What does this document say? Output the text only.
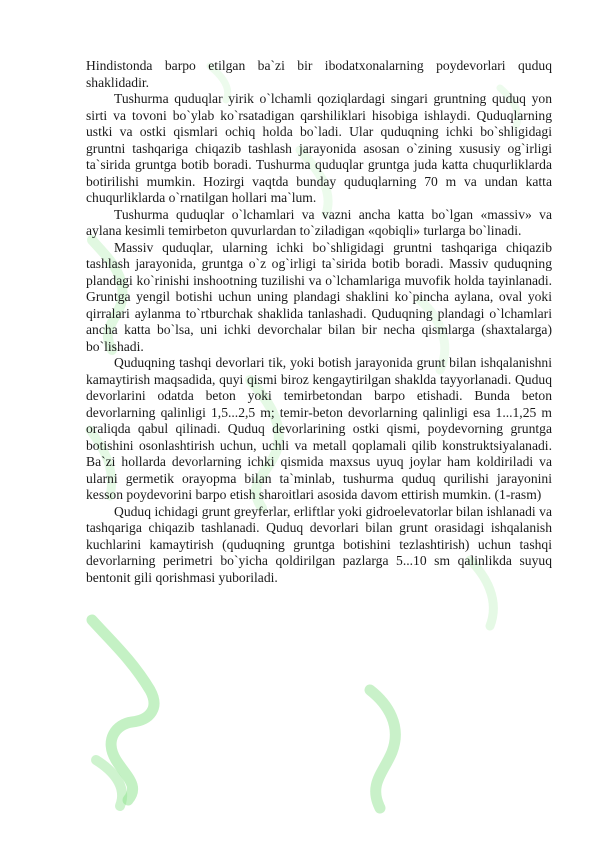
Hindistonda barpo etilgan ba`zi bir ibodatxonalarning poydevorlari quduq shaklidadir.

Tushurma quduqlar yirik o`lchamli qoziqlardagi singari gruntning quduq yon sirti va tovoni bo`ylab ko`rsatadigan qarshiliklari hisobiga ishlaydi. Quduqlarning ustki va ostki qismlari ochiq holda bo`ladi. Ular quduqning ichki bo`shligidagi gruntni tashqariga chiqazib tashlash jarayonida asosan o`zining xususiy og`irligi ta`sirida gruntga botib boradi. Tushurma quduqlar gruntga juda katta chuqurliklarda botirilishi mumkin. Hozirgi vaqtda bunday quduqlarning 70 m va undan katta chuqurliklarda o`rnatilgan hollari ma`lum.

Tushurma quduqlar o`lchamlari va vazni ancha katta bo`lgan «massiv» va aylana kesimli temirbeton quvurlardan to`ziladigan «qobiqli» turlarga bo`linadi.

Massiv quduqlar, ularning ichki bo`shligidagi gruntni tashqariga chiqazib tashlash jarayonida, gruntga o`z og`irligi ta`sirida botib boradi. Massiv quduqning plandagi ko`rinishi inshootning tuzilishi va o`lchamlariga muvofik holda tayinlanadi. Gruntga yengil botishi uchun uning plandagi shaklini ko`pincha aylana, oval yoki qirralari aylanma to`rtburchak shaklida tanlashadi. Quduqning plandagi o`lchamlari ancha katta bo`lsa, uni ichki devorchalar bilan bir necha qismlarga (shaxtalarga) bo`lishadi.

Quduqning tashqi devorlari tik, yoki botish jarayonida grunt bilan ishqalanishni kamaytirish maqsadida, quyi qismi biroz kengaytirilgan shaklda tayyorlanadi. Quduq devorlarini odatda beton yoki temirbetondan barpo etishadi. Bunda beton devorlarning qalinligi 1,5...2,5 m; temir-beton devorlarning qalinligi esa 1...1,25 m oraliqda qabul qilinadi. Quduq devorlarining ostki qismi, poydevorning gruntga botishini osonlashtirish uchun, uchli va metall qoplamali qilib konstruktsiyalanadi. Ba`zi hollarda devorlarning ichki qismida maxsus uyuq joylar ham koldiriladi va ularni germetik orayopma bilan ta`minlab, tushurma quduq qurilishi jarayonini kesson poydevorini barpo etish sharoitlari asosida davom ettirish mumkin. (1-rasm)

Quduq ichidagi grunt greyferlar, erliftlar yoki gidroelevatorlar bilan ishlanadi va tashqariga chiqazib tashlanadi. Quduq devorlari bilan grunt orasidagi ishqalanish kuchlarini kamaytirish (quduqning gruntga botishini tezlashtirish) uchun tashqi devorlarning perimetri bo`yicha qoldirilgan pazlarga 5...10 sm qalinlikda suyuq bentonit gili qorishmasi yuboriladi.
